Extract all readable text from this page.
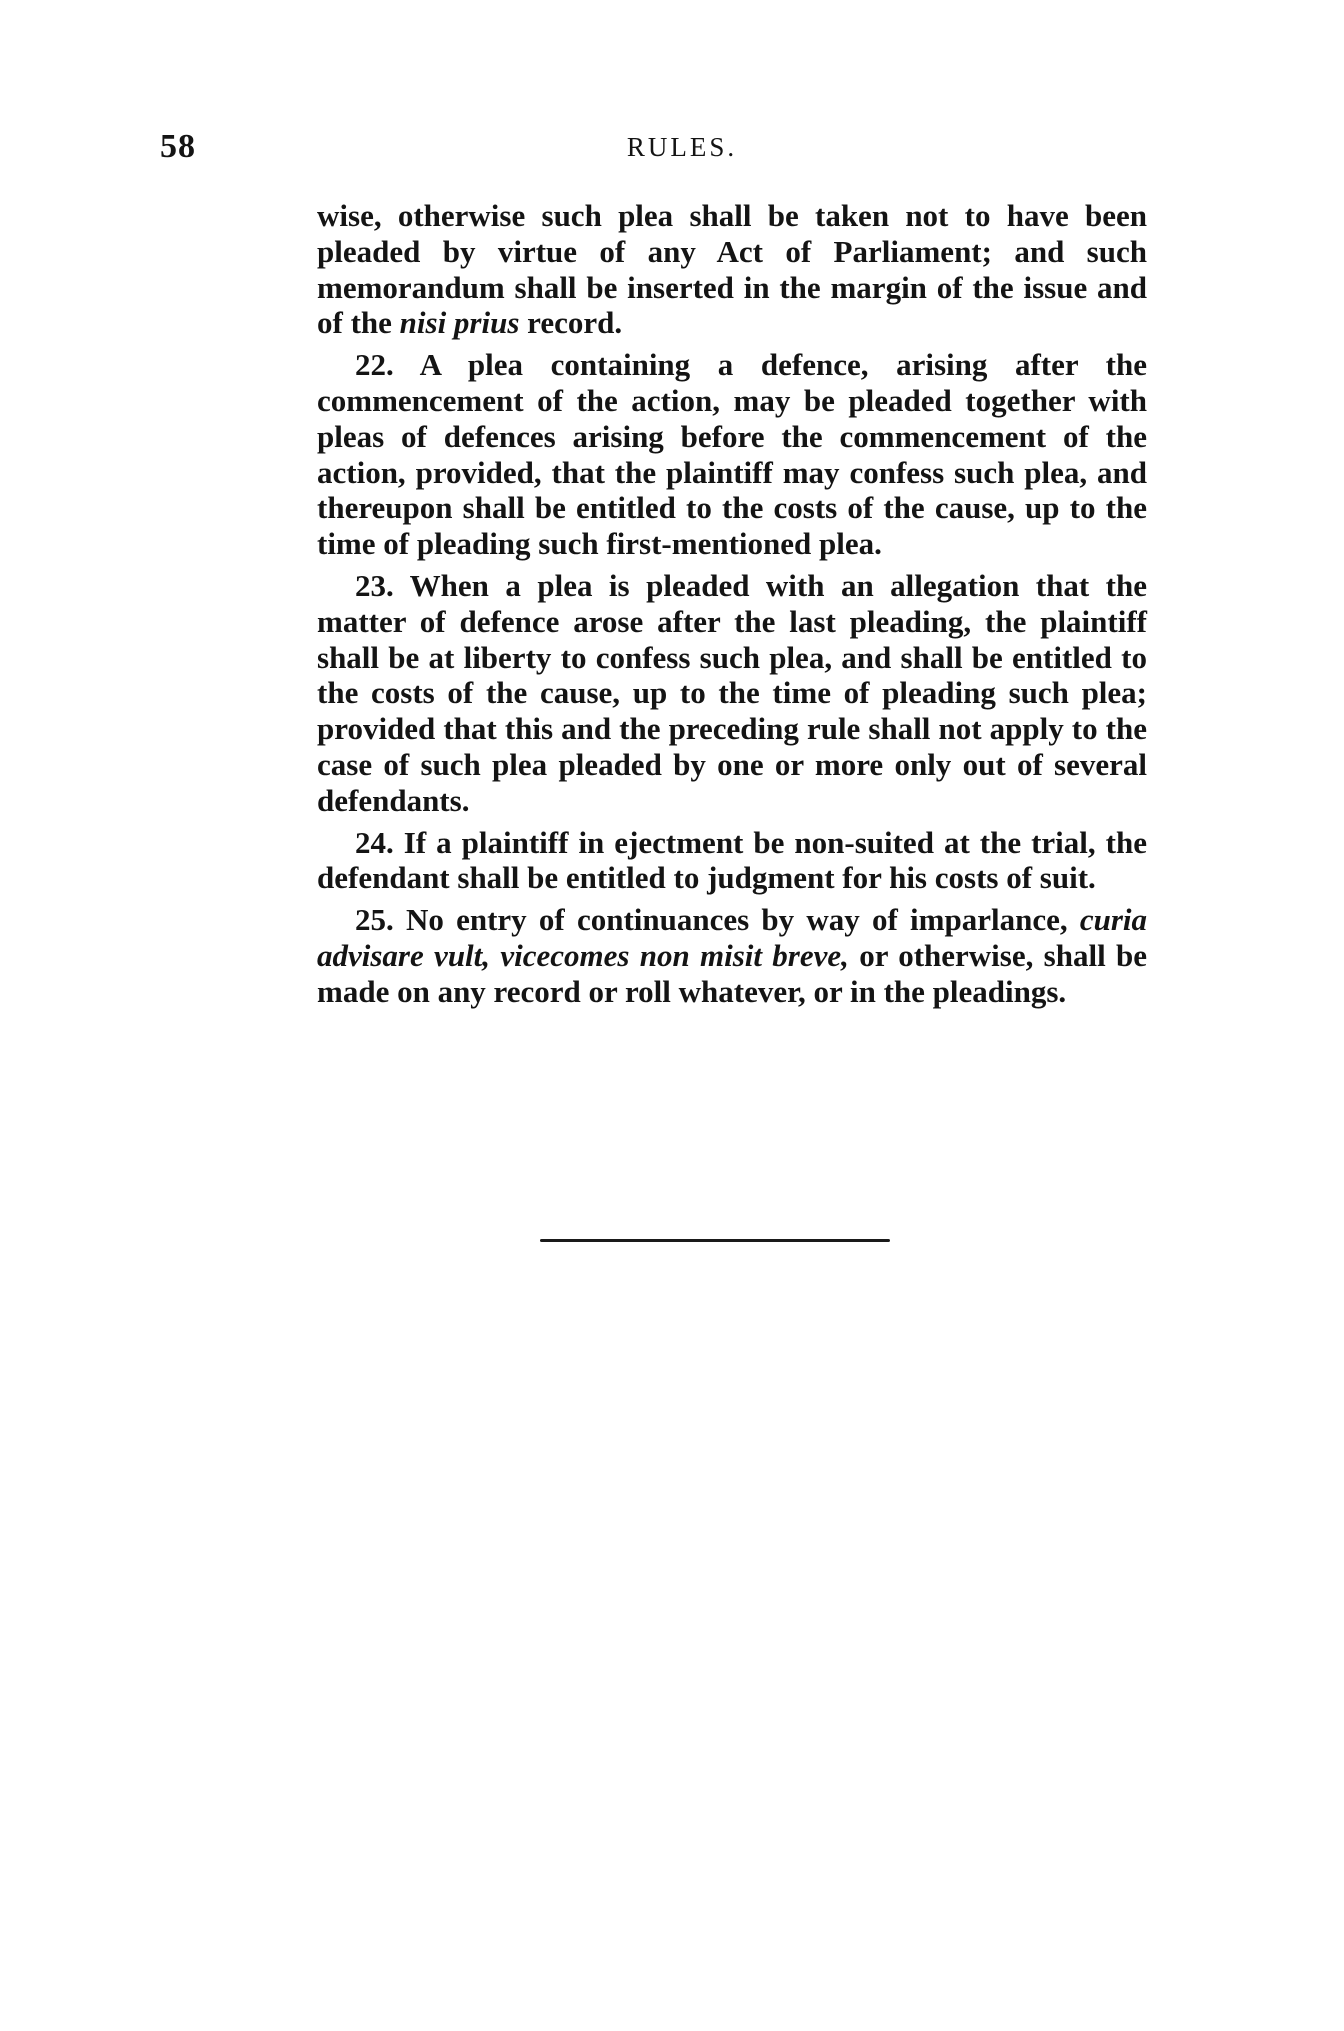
58	RULES.

wise, otherwise such plea shall be taken not to have been pleaded by virtue of any Act of Parliament; and such memorandum shall be inserted in the margin of the issue and of the nisi prius record.

22. A plea containing a defence, arising after the commencement of the action, may be pleaded together with pleas of defences arising before the commencement of the action, provided, that the plaintiff may confess such plea, and thereupon shall be entitled to the costs of the cause, up to the time of pleading such first-mentioned plea.

23. When a plea is pleaded with an allegation that the matter of defence arose after the last pleading, the plaintiff shall be at liberty to confess such plea, and shall be entitled to the costs of the cause, up to the time of pleading such plea; provided that this and the preceding rule shall not apply to the case of such plea pleaded by one or more only out of several defendants.

24. If a plaintiff in ejectment be non-suited at the trial, the defendant shall be entitled to judgment for his costs of suit.

25. No entry of continuances by way of imparlance, curia advisare vult, vicecomes non misit breve, or otherwise, shall be made on any record or roll whatever, or in the pleadings.
